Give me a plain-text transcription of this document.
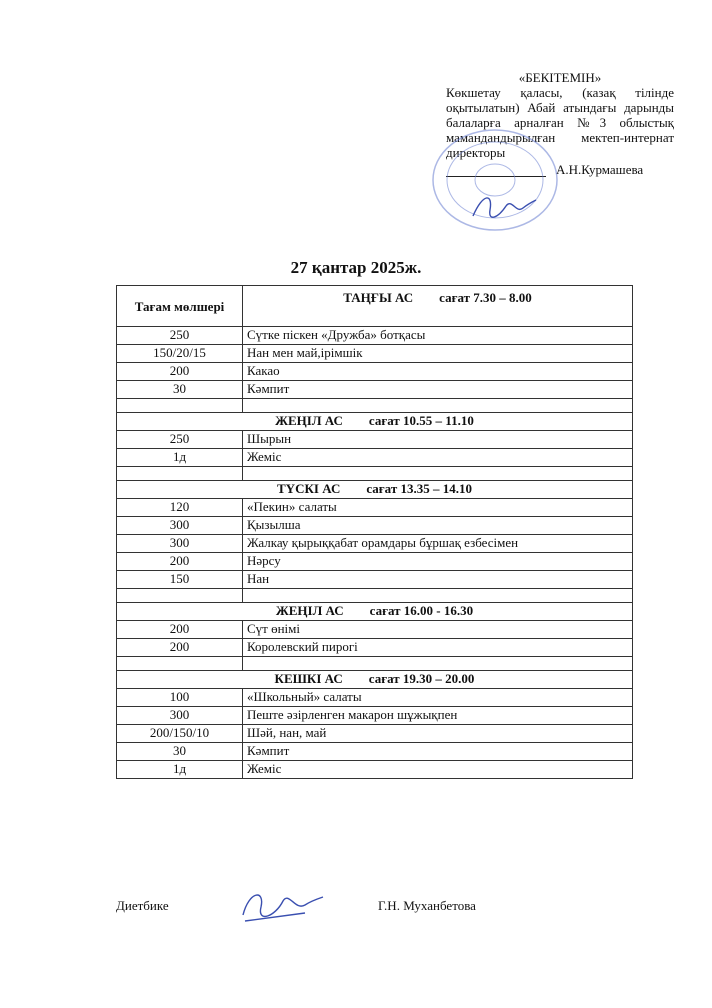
«БЕКІТЕМІН»
Көкшетау қаласы, (казақ тілінде оқытылатын) Абай атындағы дарынды балаларға арналған №3 облыстық мамандандырылған мектеп-интернат директоры
А.Н.Курмашева
27 қантар 2025ж.
Тағам мөлшері	ТАҢҒЫ АС сағат 7.30 – 8.00
250	Сүтке піскен «Дружба» ботқасы
150/20/15	Нан мен май,ірімшік
200	Какао
30	Кәмпит

ЖЕҢІЛ АС сағат 10.55 – 11.10	
250	Шырын
1д	Жеміс

ТҮСКІ АС сағат 13.35 – 14.10	
120	«Пекин» салаты
300	Қызылша
300	Жалкау қырыққабат орамдары бұршақ езбесімен
200	Нәрсу
150	Нан

ЖЕҢІЛ АС сағат 16.00 - 16.30	
200	Сүт өнімі
200	Королевский пирогі

КЕШКІ АС сағат 19.30 – 20.00	
100	«Школьный» салаты
300	Пеште әзірленген макарон шұжықпен
200/150/10	Шәй, нан, май
30	Кәмпит
1д	Жеміс
Диетбике	Г.Н. Муханбетова
